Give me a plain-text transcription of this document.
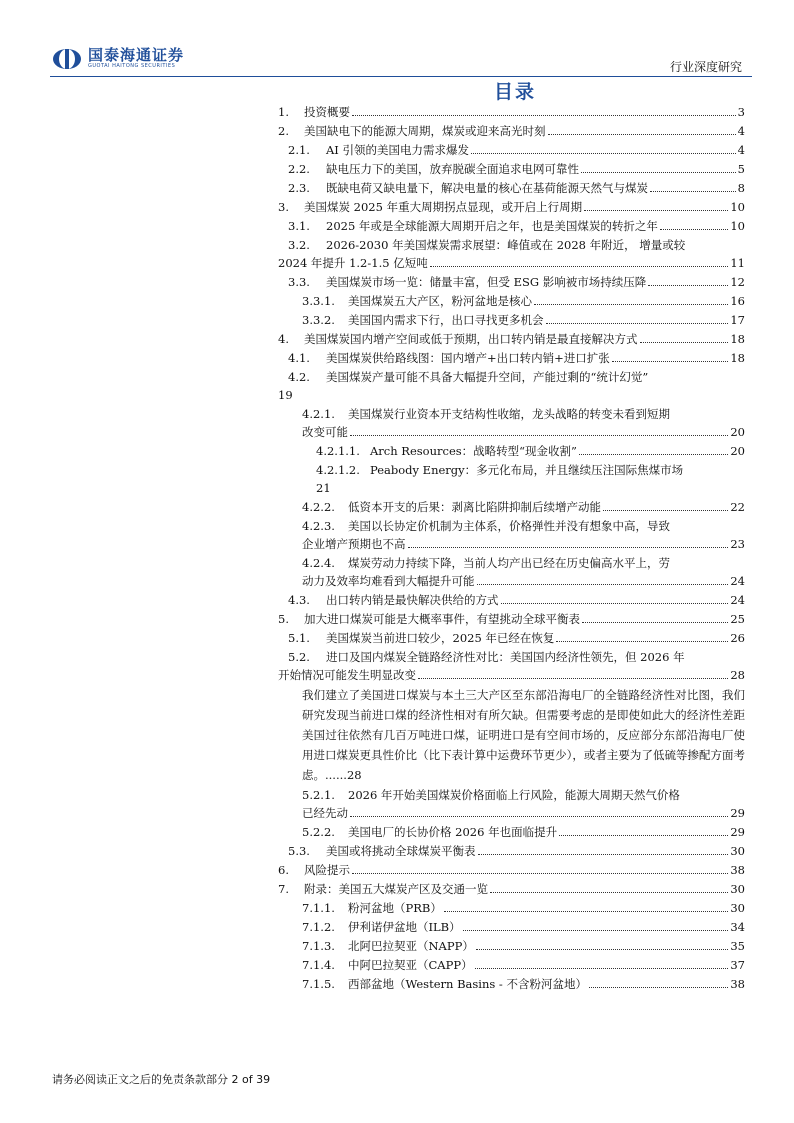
国泰海通证券
GUOTAI HAITONG SECURITIES	行业深度研究
目录
1.	投资概要	3
2.	美国缺电下的能源大周期，煤炭或迎来高光时刻	4
2.1.	AI 引领的美国电力需求爆发	4
2.2.	缺电压力下的美国，放弃脱碳全面追求电网可靠性	5
2.3.	既缺电荷又缺电量下，解决电量的核心在基荷能源天然气与煤炭	8
3.	美国煤炭 2025 年重大周期拐点显现，或开启上行周期	10
3.1.	2025 年或是全球能源大周期开启之年，也是美国煤炭的转折之年	10
3.2. 2026-2030 年美国煤炭需求展望：峰值或在 2028 年附近， 增量或较
2024 年提升 1.2-1.5 亿短吨	11
3.3.	美国煤炭市场一览：储量丰富，但受 ESG 影响被市场持续压降	12
3.3.1.	美国煤炭五大产区，粉河盆地是核心	16
3.3.2.	美国国内需求下行，出口寻找更多机会	17
4.	美国煤炭国内增产空间或低于预期，出口转内销是最直接解决方式	18
4.1.	美国煤炭供给路线图：国内增产+出口转内销+进口扩张	18
4.2. 美国煤炭产量可能不具备大幅提升空间，产能过剩的“统计幻觉”
19
4.2.1. 美国煤炭行业资本开支结构性收缩，龙头战略的转变未看到短期
改变可能	20
4.2.1.1. Arch Resources：战略转型“现金收割”	20
4.2.1.2. Peabody Energy：多元化布局，并且继续压注国际焦煤市场
21
4.2.2.	低资本开支的后果：剥离比陷阱抑制后续增产动能	22
4.2.3. 美国以长协定价机制为主体系，价格弹性并没有想象中高，导致
企业增产预期也不高	23
4.2.4. 煤炭劳动力持续下降，当前人均产出已经在历史偏高水平上，劳
动力及效率均难看到大幅提升可能	24
4.3.	出口转内销是最快解决供给的方式	24
5.	加大进口煤炭可能是大概率事件，有望挑动全球平衡表	25
5.1.	美国煤炭当前进口较少，2025 年已经在恢复	26
5.2. 进口及国内煤炭全链路经济性对比：美国国内经济性领先，但 2026 年
开始情况可能发生明显改变	28
我们建立了美国进口煤炭与本土三大产区至东部沿海电厂的全链路经济性对比图，我们研究发现当前进口煤的经济性相对有所欠缺。但需要考虑的是即使如此大的经济性差距美国过往依然有几百万吨进口煤，证明进口是有空间市场的，反应部分东部沿海电厂使用进口煤炭更具性价比（比下表计算中运费环节更少），或者主要为了低硫等掺配方面考虑。......28
5.2.1. 2026 年开始美国煤炭价格面临上行风险，能源大周期天然气价格
已经先动	29
5.2.2.	美国电厂的长协价格 2026 年也面临提升	29
5.3.	美国或将挑动全球煤炭平衡表	30
6.	风险提示	38
7.	附录：美国五大煤炭产区及交通一览	30
7.1.1.	粉河盆地（PRB）	30
7.1.2.	伊利诺伊盆地（ILB）	34
7.1.3.	北阿巴拉契亚（NAPP）	35
7.1.4.	中阿巴拉契亚（CAPP）	37
7.1.5.	西部盆地（Western Basins - 不含粉河盆地）	38
请务必阅读正文之后的免责条款部分 2 of 39
